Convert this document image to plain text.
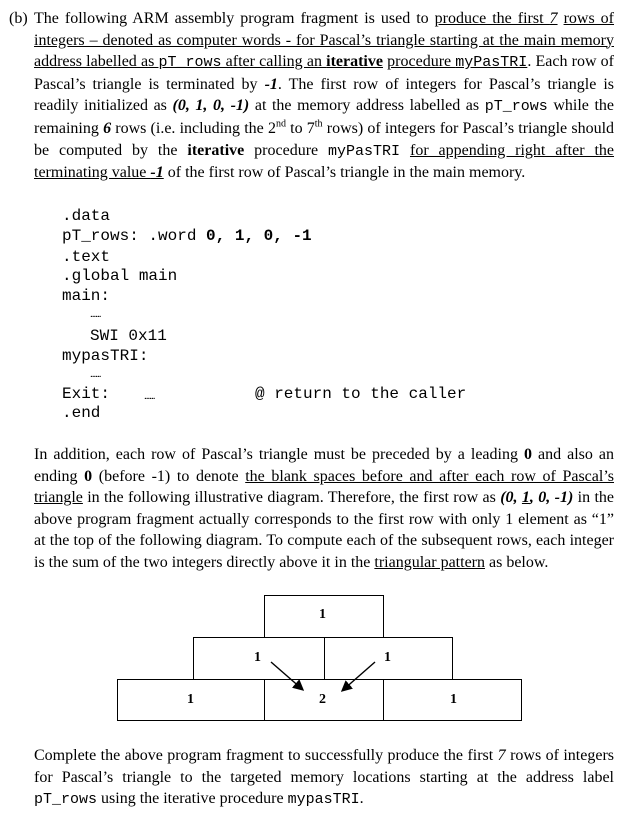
(b) The following ARM assembly program fragment is used to produce the first 7 rows of integers – denoted as computer words - for Pascal’s triangle starting at the main memory address labelled as pT_rows after calling an iterative procedure myPasTRI. Each row of Pascal’s triangle is terminated by -1. The first row of integers for Pascal’s triangle is readily initialized as (0, 1, 0, -1) at the memory address labelled as pT_rows while the remaining 6 rows (i.e. including the 2nd to 7th rows) of integers for Pascal’s triangle should be computed by the iterative procedure myPasTRI for appending right after the terminating value -1 of the first row of Pascal’s triangle in the main memory.
.data
pT_rows: .word 0, 1, 0, -1
.text
.global main
main:
......
SWI 0x11
mypasTRI:
......
Exit:	......	@ return to the caller
.end
In addition, each row of Pascal’s triangle must be preceded by a leading 0 and also an ending 0 (before -1) to denote the blank spaces before and after each row of Pascal’s triangle in the following illustrative diagram. Therefore, the first row as (0, 1, 0, -1) in the above program fragment actually corresponds to the first row with only 1 element as “1” at the top of the following diagram. To compute each of the subsequent rows, each integer is the sum of the two integers directly above it in the triangular pattern as below.
1
1	1
1	2	1
Complete the above program fragment to successfully produce the first 7 rows of integers for Pascal’s triangle to the targeted memory locations starting at the address label pT_rows using the iterative procedure mypasTRI.
